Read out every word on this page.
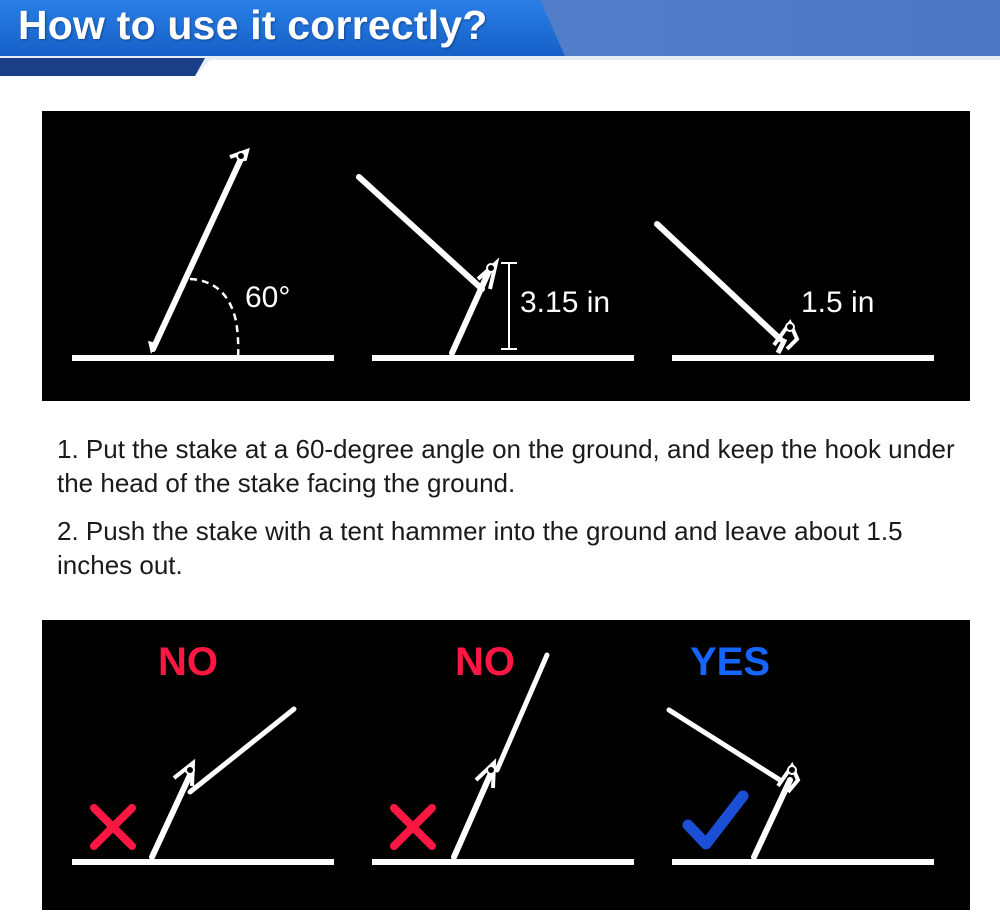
How to use it correctly?
60°	3.15 in	1.5 in
1. Put the stake at a 60-degree angle on the ground, and keep the hook under the head of the stake facing the ground.
2. Push the stake with a tent hammer into the ground and leave about 1.5 inches out.
NO	NO	YES
